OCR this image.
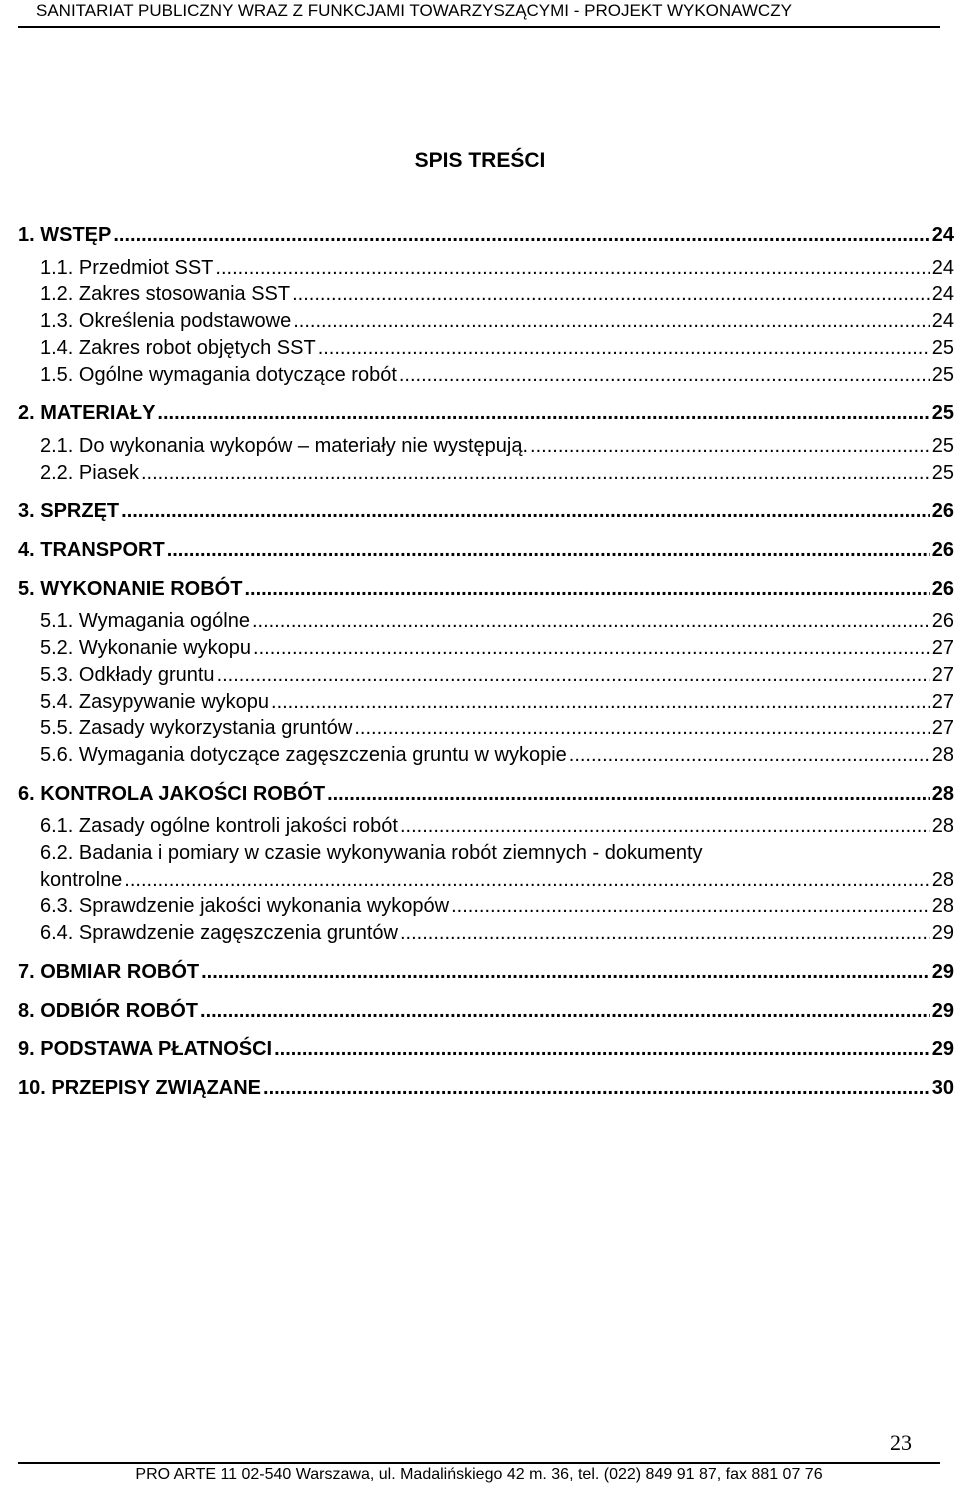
SANITARIAT PUBLICZNY WRAZ Z FUNKCJAMI TOWARZYSZĄCYMI - PROJEKT WYKONAWCZY
SPIS TREŚCI
1. WSTĘP .....	24
1.1. Przedmiot SST .....	24
1.2. Zakres stosowania SST .....	24
1.3. Określenia podstawowe .....	24
1.4. Zakres robot objętych SST .....	25
1.5. Ogólne wymagania dotyczące robót .....	25
2. MATERIAŁY .....	25
2.1. Do wykonania wykopów – materiały nie występują. .....	25
2.2. Piasek .....	25
3. SPRZĘT .....	26
4. TRANSPORT .....	26
5. WYKONANIE ROBÓT .....	26
5.1. Wymagania ogólne .....	26
5.2. Wykonanie wykopu .....	27
5.3. Odkłady gruntu .....	27
5.4. Zasypywanie wykopu .....	27
5.5. Zasady wykorzystania gruntów .....	27
5.6. Wymagania dotyczące zagęszczenia gruntu w wykopie .....	28
6. KONTROLA JAKOŚCI ROBÓT .....	28
6.1. Zasady ogólne kontroli jakości robót .....	28
6.2. Badania i pomiary w czasie wykonywania robót ziemnych - dokumenty
kontrolne .....	28
6.3. Sprawdzenie jakości wykonania wykopów .....	28
6.4. Sprawdzenie zagęszczenia gruntów .....	29
7. OBMIAR ROBÓT .....	29
8. ODBIÓR ROBÓT .....	29
9. PODSTAWA PŁATNOŚCI .....	29
10. PRZEPISY ZWIĄZANE .....	30
23
PRO ARTE 11 02-540 Warszawa, ul. Madalińskiego 42 m. 36, tel. (022) 849 91 87, fax 881 07 76
